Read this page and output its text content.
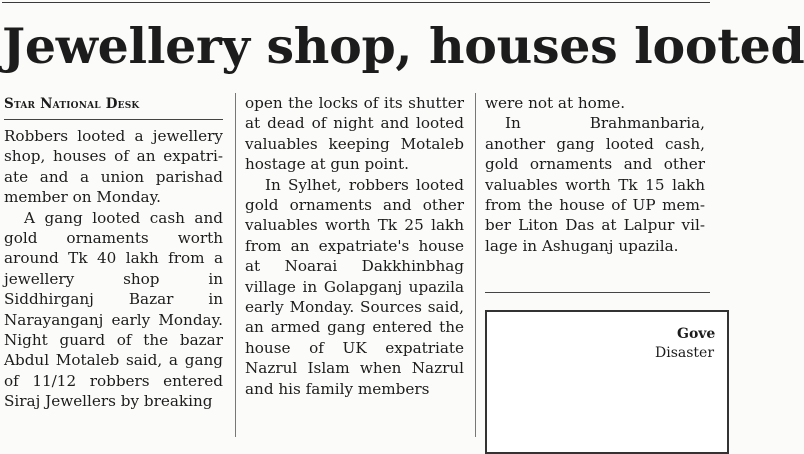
Jewellery shop, houses looted
Star National Desk

Robbers looted a jewellery shop, houses of an expatriate and a union parishad member on Monday.

A gang looted cash and gold ornaments worth around Tk 40 lakh from a jewellery shop in Siddhirganj Bazar in Narayanganj early Monday. Night guard of the bazar Abdul Motaleb said, a gang of 11/12 robbers entered Siraj Jewellers by breaking

open the locks of its shutter at dead of night and looted valuables keeping Motaleb hostage at gun point.

In Sylhet, robbers looted gold ornaments and other valuables worth Tk 25 lakh from an expatriate's house at Noarai Dakkhinbhag village in Golapganj upazila early Monday. Sources said, an armed gang entered the house of UK expatriate Nazrul Islam when Nazrul and his family members

were not at home.

In Brahmanbaria, another gang looted cash, gold ornaments and other valuables worth Tk 15 lakh from the house of UP member Liton Das at Lalpur village in Ashuganj upazila.

Gove
Disaster
